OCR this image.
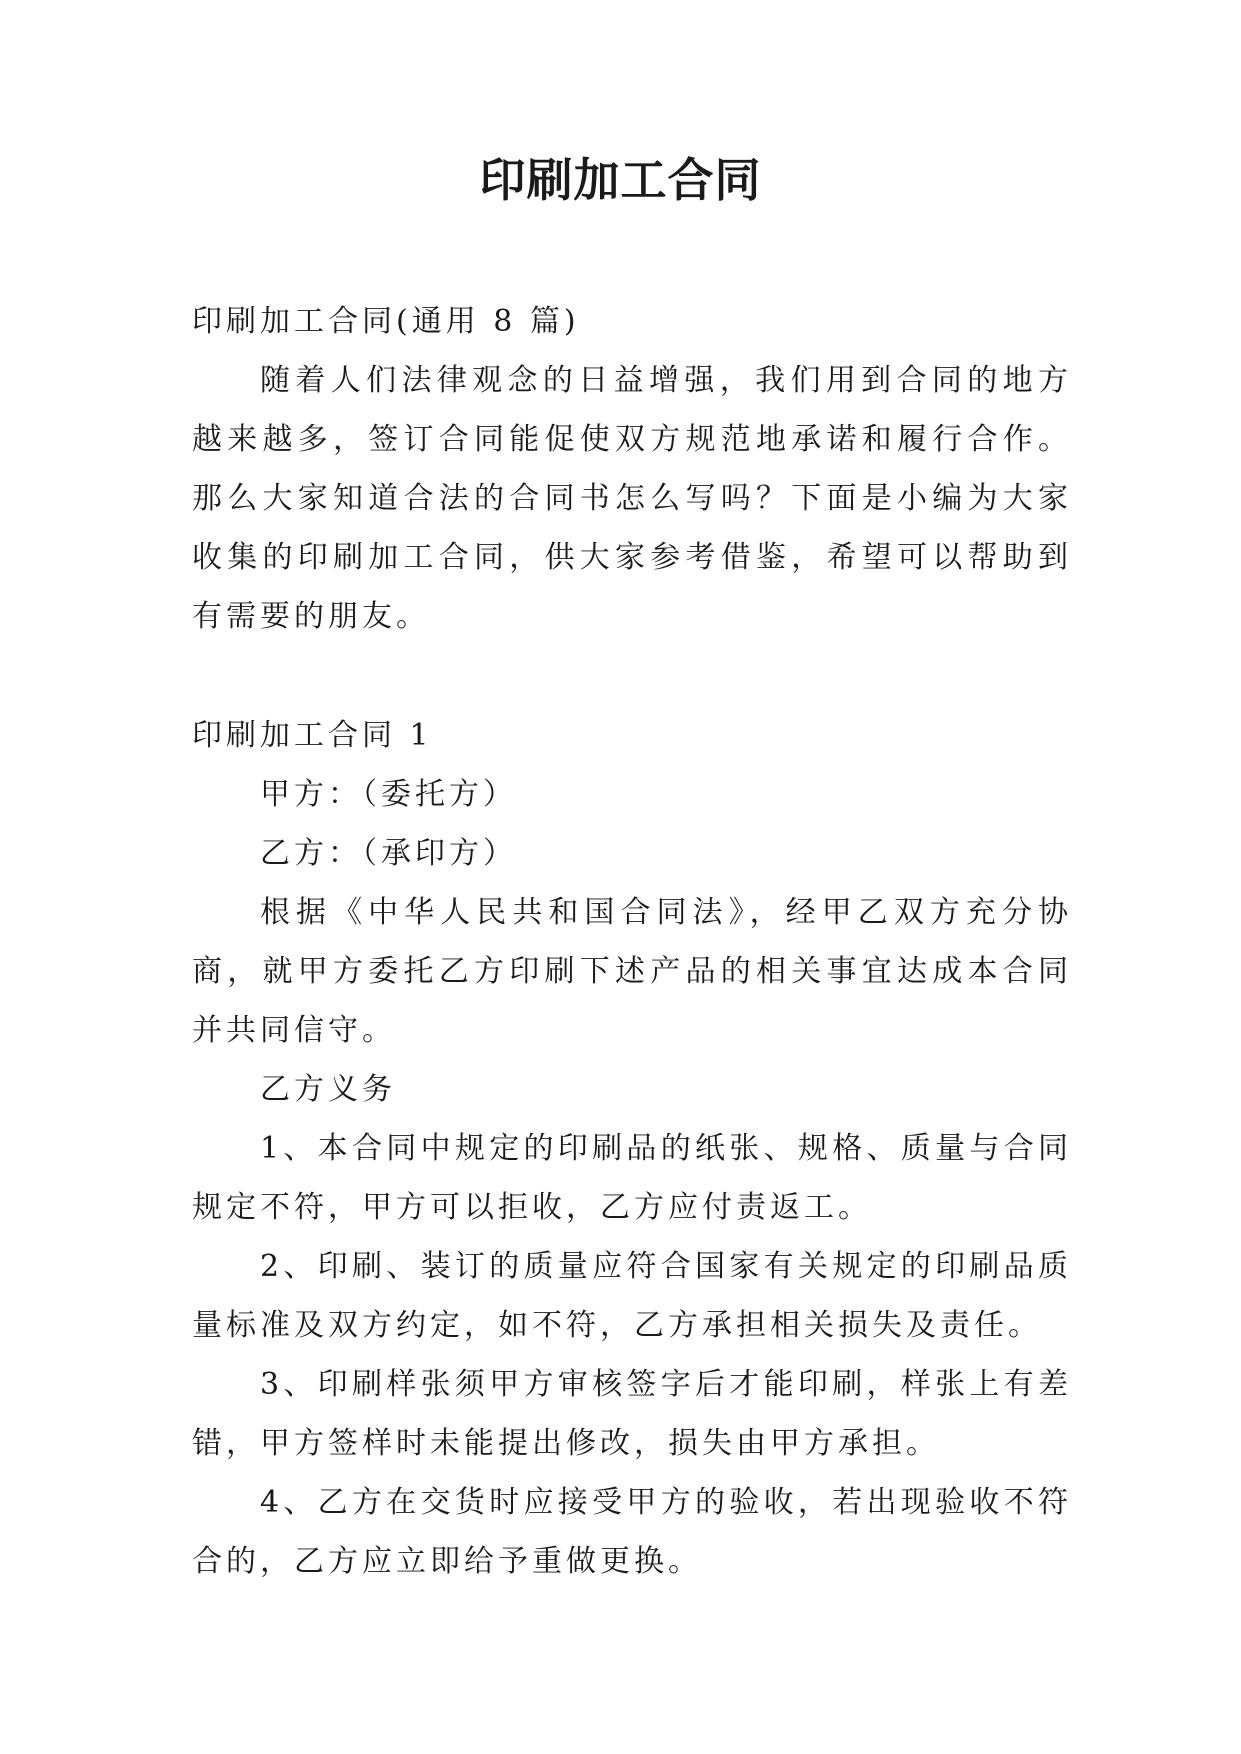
印刷加工合同

印刷加工合同(通用 8 篇)

随着人们法律观念的日益增强，我们用到合同的地方越来越多，签订合同能促使双方规范地承诺和履行合作。那么大家知道合法的合同书怎么写吗？下面是小编为大家收集的印刷加工合同，供大家参考借鉴，希望可以帮助到有需要的朋友。

印刷加工合同 1

甲方：（委托方）

乙方：（承印方）

根据《中华人民共和国合同法》，经甲乙双方充分协商，就甲方委托乙方印刷下述产品的相关事宜达成本合同并共同信守。

乙方义务

1、本合同中规定的印刷品的纸张、规格、质量与合同规定不符，甲方可以拒收，乙方应付责返工。

2、印刷、装订的质量应符合国家有关规定的印刷品质量标准及双方约定，如不符，乙方承担相关损失及责任。

3、印刷样张须甲方审核签字后才能印刷，样张上有差错，甲方签样时未能提出修改，损失由甲方承担。

4、乙方在交货时应接受甲方的验收，若出现验收不符合的，乙方应立即给予重做更换。
